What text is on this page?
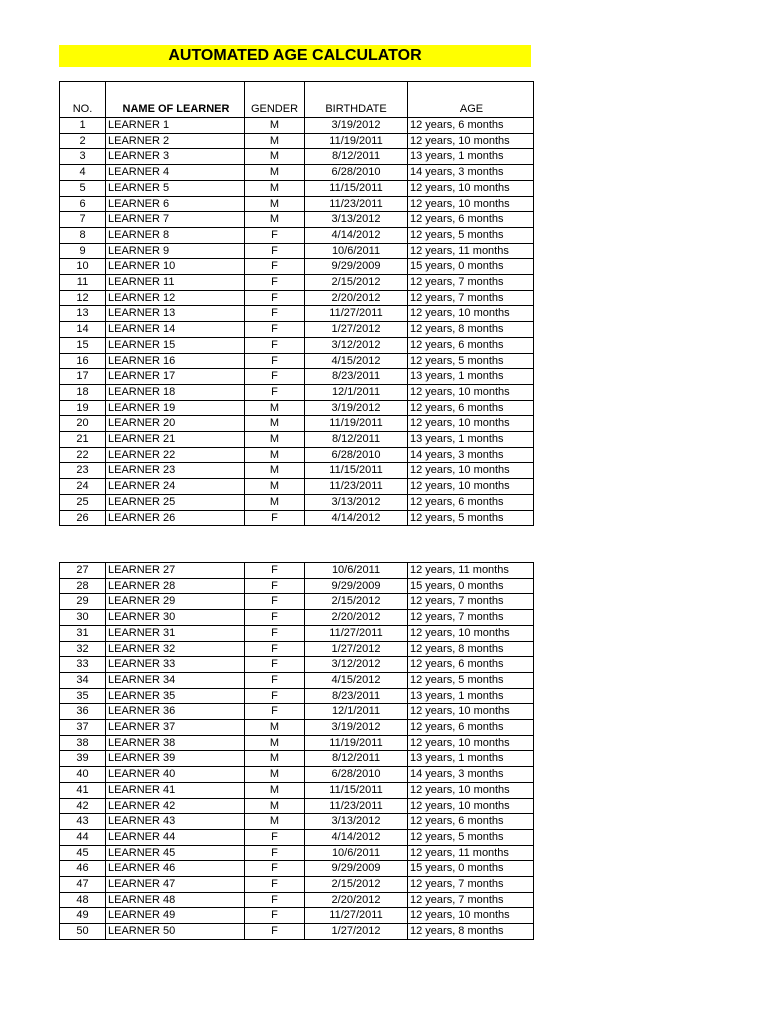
AUTOMATED AGE CALCULATOR
NO.	NAME OF LEARNER	GENDER	BIRTHDATE	AGE
1	LEARNER 1	M	3/19/2012	12 years, 6 months
2	LEARNER 2	M	11/19/2011	12 years, 10 months
3	LEARNER 3	M	8/12/2011	13 years, 1 months
4	LEARNER 4	M	6/28/2010	14 years, 3 months
5	LEARNER 5	M	11/15/2011	12 years, 10 months
6	LEARNER 6	M	11/23/2011	12 years, 10 months
7	LEARNER 7	M	3/13/2012	12 years, 6 months
8	LEARNER 8	F	4/14/2012	12 years, 5 months
9	LEARNER 9	F	10/6/2011	12 years, 11 months
10	LEARNER 10	F	9/29/2009	15 years, 0 months
11	LEARNER 11	F	2/15/2012	12 years, 7 months
12	LEARNER 12	F	2/20/2012	12 years, 7 months
13	LEARNER 13	F	11/27/2011	12 years, 10 months
14	LEARNER 14	F	1/27/2012	12 years, 8 months
15	LEARNER 15	F	3/12/2012	12 years, 6 months
16	LEARNER 16	F	4/15/2012	12 years, 5 months
17	LEARNER 17	F	8/23/2011	13 years, 1 months
18	LEARNER 18	F	12/1/2011	12 years, 10 months
19	LEARNER 19	M	3/19/2012	12 years, 6 months
20	LEARNER 20	M	11/19/2011	12 years, 10 months
21	LEARNER 21	M	8/12/2011	13 years, 1 months
22	LEARNER 22	M	6/28/2010	14 years, 3 months
23	LEARNER 23	M	11/15/2011	12 years, 10 months
24	LEARNER 24	M	11/23/2011	12 years, 10 months
25	LEARNER 25	M	3/13/2012	12 years, 6 months
26	LEARNER 26	F	4/14/2012	12 years, 5 months
27	LEARNER 27	F	10/6/2011	12 years, 11 months
28	LEARNER 28	F	9/29/2009	15 years, 0 months
29	LEARNER 29	F	2/15/2012	12 years, 7 months
30	LEARNER 30	F	2/20/2012	12 years, 7 months
31	LEARNER 31	F	11/27/2011	12 years, 10 months
32	LEARNER 32	F	1/27/2012	12 years, 8 months
33	LEARNER 33	F	3/12/2012	12 years, 6 months
34	LEARNER 34	F	4/15/2012	12 years, 5 months
35	LEARNER 35	F	8/23/2011	13 years, 1 months
36	LEARNER 36	F	12/1/2011	12 years, 10 months
37	LEARNER 37	M	3/19/2012	12 years, 6 months
38	LEARNER 38	M	11/19/2011	12 years, 10 months
39	LEARNER 39	M	8/12/2011	13 years, 1 months
40	LEARNER 40	M	6/28/2010	14 years, 3 months
41	LEARNER 41	M	11/15/2011	12 years, 10 months
42	LEARNER 42	M	11/23/2011	12 years, 10 months
43	LEARNER 43	M	3/13/2012	12 years, 6 months
44	LEARNER 44	F	4/14/2012	12 years, 5 months
45	LEARNER 45	F	10/6/2011	12 years, 11 months
46	LEARNER 46	F	9/29/2009	15 years, 0 months
47	LEARNER 47	F	2/15/2012	12 years, 7 months
48	LEARNER 48	F	2/20/2012	12 years, 7 months
49	LEARNER 49	F	11/27/2011	12 years, 10 months
50	LEARNER 50	F	1/27/2012	12 years, 8 months
